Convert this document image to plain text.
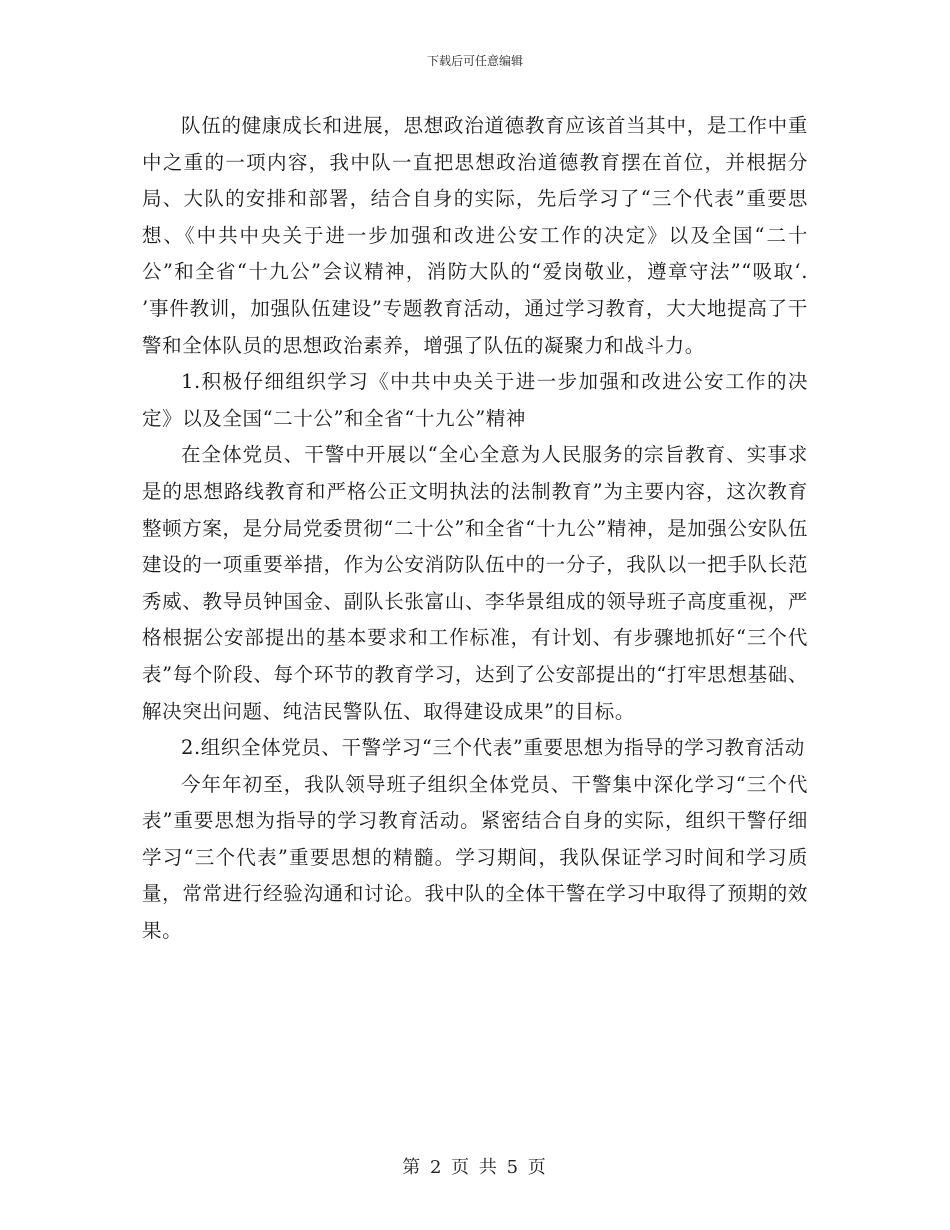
下载后可任意编辑

队伍的健康成长和进展，思想政治道德教育应该首当其中，是工作中重中之重的一项内容，我中队一直把思想政治道德教育摆在首位，并根据分局、大队的安排和部署，结合自身的实际，先后学习了“三个代表”重要思想、《中共中央关于进一步加强和改进公安工作的决定》以及全国“二十公”和全省“十九公”会议精神，消防大队的“爱岗敬业，遵章守法”“吸取‘. ’事件教训，加强队伍建设”专题教育活动，通过学习教育，大大地提高了干警和全体队员的思想政治素养，增强了队伍的凝聚力和战斗力。

1.积极仔细组织学习《中共中央关于进一步加强和改进公安工作的决定》以及全国“二十公”和全省“十九公”精神

在全体党员、干警中开展以“全心全意为人民服务的宗旨教育、实事求是的思想路线教育和严格公正文明执法的法制教育”为主要内容，这次教育整顿方案，是分局党委贯彻“二十公”和全省“十九公”精神，是加强公安队伍建设的一项重要举措，作为公安消防队伍中的一分子，我队以一把手队长范秀威、教导员钟国金、副队长张富山、李华景组成的领导班子高度重视，严格根据公安部提出的基本要求和工作标准，有计划、有步骤地抓好“三个代表”每个阶段、每个环节的教育学习，达到了公安部提出的“打牢思想基础、解决突出问题、纯洁民警队伍、取得建设成果”的目标。

2.组织全体党员、干警学习“三个代表”重要思想为指导的学习教育活动

今年年初至，我队领导班子组织全体党员、干警集中深化学习“三个代表”重要思想为指导的学习教育活动。紧密结合自身的实际，组织干警仔细学习“三个代表”重要思想的精髓。学习期间，我队保证学习时间和学习质量，常常进行经验沟通和讨论。我中队的全体干警在学习中取得了预期的效果。

第 2 页 共 5 页
